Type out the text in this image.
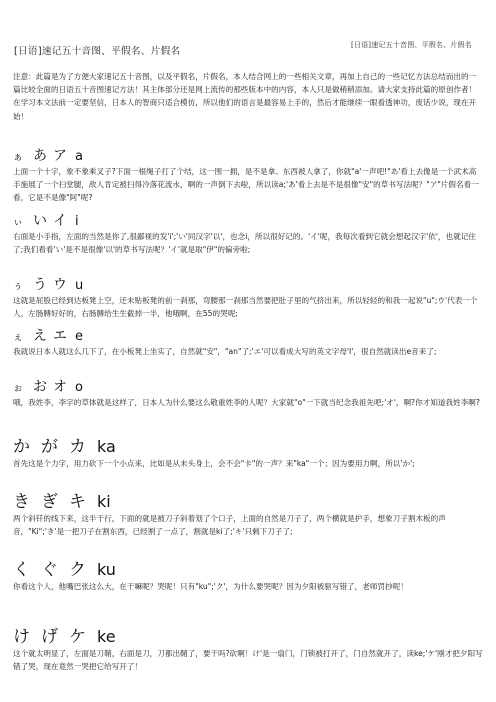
[日语]速记五十音图、平假名、片假名
[日语]速记五十音图、平假名、片假名

注意：此篇是为了方便大家速记五十音图，以及平假名，片假名，本人结合网上的一些相关文章，再加上自己的一些记忆方法总结而出的一篇比较全面的日语五十音图速记方法！其主体部分还是网上流传的那些版本中的内容，本人只是做稍稍添加。请大家支持此篇的原创作者！在学习本文法前一定要坚信，日本人的智商只适合模仿，所以他们的语言是最容易上手的，然后才能继续一眼看透神功，废话少说，现在开始！

ぁ あ ア a

上面一个十字，象不象乘叉子?下面一根绳子打了个结，这一围一拥，是不是拿。东西被人拿了，你就"a'一声吧!"あ'看上去像是一个武术高手施展了一个扫堂腿，敌人肯定被扫得冷落花流水，啊的一声倒下去啦，所以读a;'あ'看上去是不是很像"安"的草书写法呢？"ア"片假名看一看，它是不是像"阿"呢?

ぃ い イ i

右面是小手指，左面的当然是你了,很鄙视的发'i';'い'同汉字'以'，也念i，所以很好记的。'イ'呢，我每次看到它就会想起汉字'依'，也就记住了;我们看看'い'是不是很像'以'的草书写法呢？'イ'就是取"伊"的偏旁啦;

ぅ う ウ u

这就是屁股已经到达板凳上空，还未贴板凳的前一刹那，弯腰那一刹那当然要把肚子里的气挤出来，所以轻轻的和我一起说"u";ウ'代表一个人，左肠膊好好的，右肠膊给生生截掉一半，他哦啊，在55的哭呢;

ぇ え エ e

我就说日本人就这么几下了，在小板凳上坐实了，自然就"安"，"an"了;'エ'可以看成大写的英文字母'I'，很自然就读出e音来了;

ぉ お オ o

哦，我姓李，李字的草体就是这样了，日本人为什么要这么敬重姓李的人呢？大家就"o"一下就当纪念我祖先吧;'オ'，啊?你才知道我姓李啊?

か が カ ka

首先这是个力字，用力砍下一个小点来，比如是从未头身上，会不会"卡"的一声？来"ka"一个；因为要用力啊，所以'か';

き ぎ キ ki

两个斜钎的线下来，这半干行，下面的就是被刀子斜着划了个口子，上面的自然是刀子了，两个横就是护手，想象刀子割木板的声音，"Ki";'き'是一把刀子在割东西，已经割了一点了，割就是ki了;'キ'只剩下刀子了;

く ぐ ク ku

你看这个人，他嘴巴张这么大，在干嘛呢？哭呢！只有"ku";'ク'，为什么要哭呢？因为夕阳被驱写错了，老师罚抄呢！

け げ ケ ke

这个就太明显了，左面是刀鞘，右面是刀，刀都出鞘了，要干吗?砍啊！け'是一扇门，门锁被打开了，门自然就开了，读ke;'ケ'刚才把夕阳写错了哭，现在竟然一哭把它给写开了！
